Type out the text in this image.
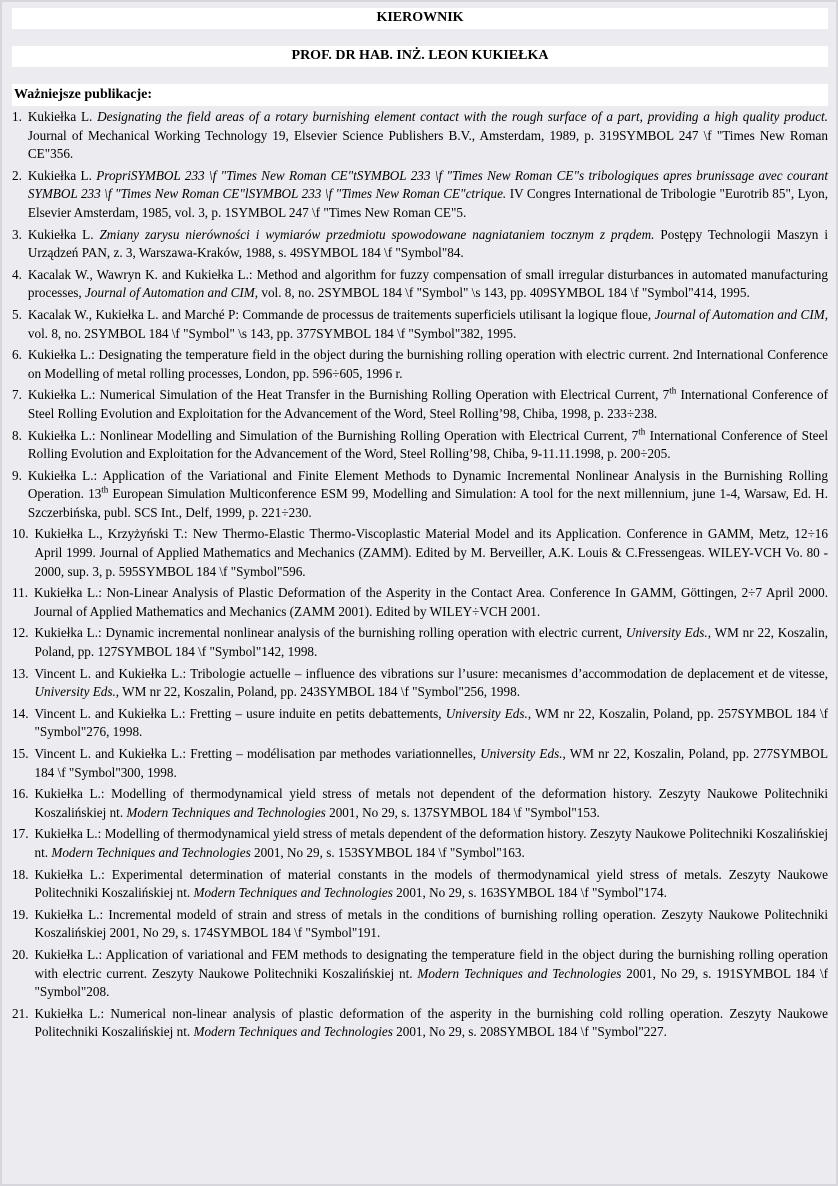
KIEROWNIK
PROF. DR HAB. INŻ. LEON KUKIEŁKA
Ważniejsze publikacje:
1. Kukiełka L. Designating the field areas of a rotary burnishing element contact with the rough surface of a part, providing a high quality product. Journal of Mechanical Working Technology 19, Elsevier Science Publishers B.V., Amsterdam, 1989, p. 319SYMBOL 247 \f "Times New Roman CE"356.
2. Kukiełka L. PropriSYMBOL 233 \f "Times New Roman CE"tSYMBOL 233 \f "Times New Roman CE"s tribologiques apres brunissage avec courant SYMBOL 233 \f "Times New Roman CE"lSYMBOL 233 \f "Times New Roman CE"ctrique. IV Congres International de Tribologie "Eurotrib 85", Lyon, Elsevier Amsterdam, 1985, vol. 3, p. 1SYMBOL 247 \f "Times New Roman CE"5.
3. Kukiełka L. Zmiany zarysu nierówności i wymiarów przedmiotu spowodowane nagniataniem tocznym z prądem. Postępy Technologii Maszyn i Urządzeń PAN, z. 3, Warszawa-Kraków, 1988, s. 49SYMBOL 184 \f "Symbol"84.
4. Kacalak W., Wawryn K. and Kukiełka L.: Method and algorithm for fuzzy compensation of small irregular disturbances in automated manufacturing processes, Journal of Automation and CIM, vol. 8, no. 2SYMBOL 184 \f "Symbol" \s 143, pp. 409SYMBOL 184 \f "Symbol"414, 1995.
5. Kacalak W., Kukiełka L. and Marché P: Commande de processus de traitements superficiels utilisant la logique floue, Journal of Automation and CIM, vol. 8, no. 2SYMBOL 184 \f "Symbol" \s 143, pp. 377SYMBOL 184 \f "Symbol"382, 1995.
6. Kukiełka L.: Designating the temperature field in the object during the burnishing rolling operation with electric current. 2nd International Conference on Modelling of metal rolling processes, London, pp. 596÷605, 1996 r.
7. Kukiełka L.: Numerical Simulation of the Heat Transfer in the Burnishing Rolling Operation with Electrical Current, 7th International Conference of Steel Rolling Evolution and Exploitation for the Advancement of the Word, Steel Rolling’98, Chiba, 1998, p. 233÷238.
8. Kukiełka L.: Nonlinear Modelling and Simulation of the Burnishing Rolling Operation with Electrical Current, 7th International Conference of Steel Rolling Evolution and Exploitation for the Advancement of the Word, Steel Rolling’98, Chiba, 9-11.11.1998, p. 200÷205.
9. Kukiełka L.: Application of the Variational and Finite Element Methods to Dynamic Incremental Nonlinear Analysis in the Burnishing Rolling Operation. 13th European Simulation Multiconference ESM 99, Modelling and Simulation: A tool for the next millennium, june 1-4, Warsaw, Ed. H. Szczerbińska, publ. SCS Int., Delf, 1999, p. 221÷230.
10. Kukiełka L., Krzyżyński T.: New Thermo-Elastic Thermo-Viscoplastic Material Model and its Application. Conference in GAMM, Metz, 12÷16 April 1999. Journal of Applied Mathematics and Mechanics (ZAMM). Edited by M. Berveiller, A.K. Louis & C.Fressengeas. WILEY-VCH Vo. 80 - 2000, sup. 3, p. 595SYMBOL 184 \f "Symbol"596.
11. Kukiełka L.: Non-Linear Analysis of Plastic Deformation of the Asperity in the Contact Area. Conference In GAMM, Göttingen, 2÷7 April 2000. Journal of Applied Mathematics and Mechanics (ZAMM 2001). Edited by WILEY÷VCH 2001.
12. Kukiełka L.: Dynamic incremental nonlinear analysis of the burnishing rolling operation with electric current, University Eds., WM nr 22, Koszalin, Poland, pp. 127SYMBOL 184 \f "Symbol"142, 1998.
13. Vincent L. and Kukiełka L.: Tribologie actuelle – influence des vibrations sur l’usure: mecanismes d’accommodation de deplacement et de vitesse, University Eds., WM nr 22, Koszalin, Poland, pp. 243SYMBOL 184 \f "Symbol"256, 1998.
14. Vincent L. and Kukiełka L.: Fretting – usure induite en petits debattements, University Eds., WM nr 22, Koszalin, Poland, pp. 257SYMBOL 184 \f "Symbol"276, 1998.
15. Vincent L. and Kukiełka L.: Fretting – modélisation par methodes variationnelles, University Eds., WM nr 22, Koszalin, Poland, pp. 277SYMBOL 184 \f "Symbol"300, 1998.
16. Kukiełka L.: Modelling of thermodynamical yield stress of metals not dependent of the deformation history. Zeszyty Naukowe Politechniki Koszalińskiej nt. Modern Techniques and Technologies 2001, No 29, s. 137SYMBOL 184 \f "Symbol"153.
17. Kukiełka L.: Modelling of thermodynamical yield stress of metals dependent of the deformation history. Zeszyty Naukowe Politechniki Koszalińskiej nt. Modern Techniques and Technologies 2001, No 29, s. 153SYMBOL 184 \f "Symbol"163.
18. Kukiełka L.: Experimental determination of material constants in the models of thermodynamical yield stress of metals. Zeszyty Naukowe Politechniki Koszalińskiej nt. Modern Techniques and Technologies 2001, No 29, s. 163SYMBOL 184 \f "Symbol"174.
19. Kukiełka L.: Incremental modeld of strain and stress of metals in the conditions of burnishing rolling operation. Zeszyty Naukowe Politechniki Koszalińskiej 2001, No 29, s. 174SYMBOL 184 \f "Symbol"191.
20. Kukiełka L.: Application of variational and FEM methods to designating the temperature field in the object during the burnishing rolling operation with electric current. Zeszyty Naukowe Politechniki Koszalińskiej nt. Modern Techniques and Technologies 2001, No 29, s. 191SYMBOL 184 \f "Symbol"208.
21. Kukiełka L.: Numerical non-linear analysis of plastic deformation of the asperity in the burnishing cold rolling operation. Zeszyty Naukowe Politechniki Koszalińskiej nt. Modern Techniques and Technologies 2001, No 29, s. 208SYMBOL 184 \f "Symbol"227.
